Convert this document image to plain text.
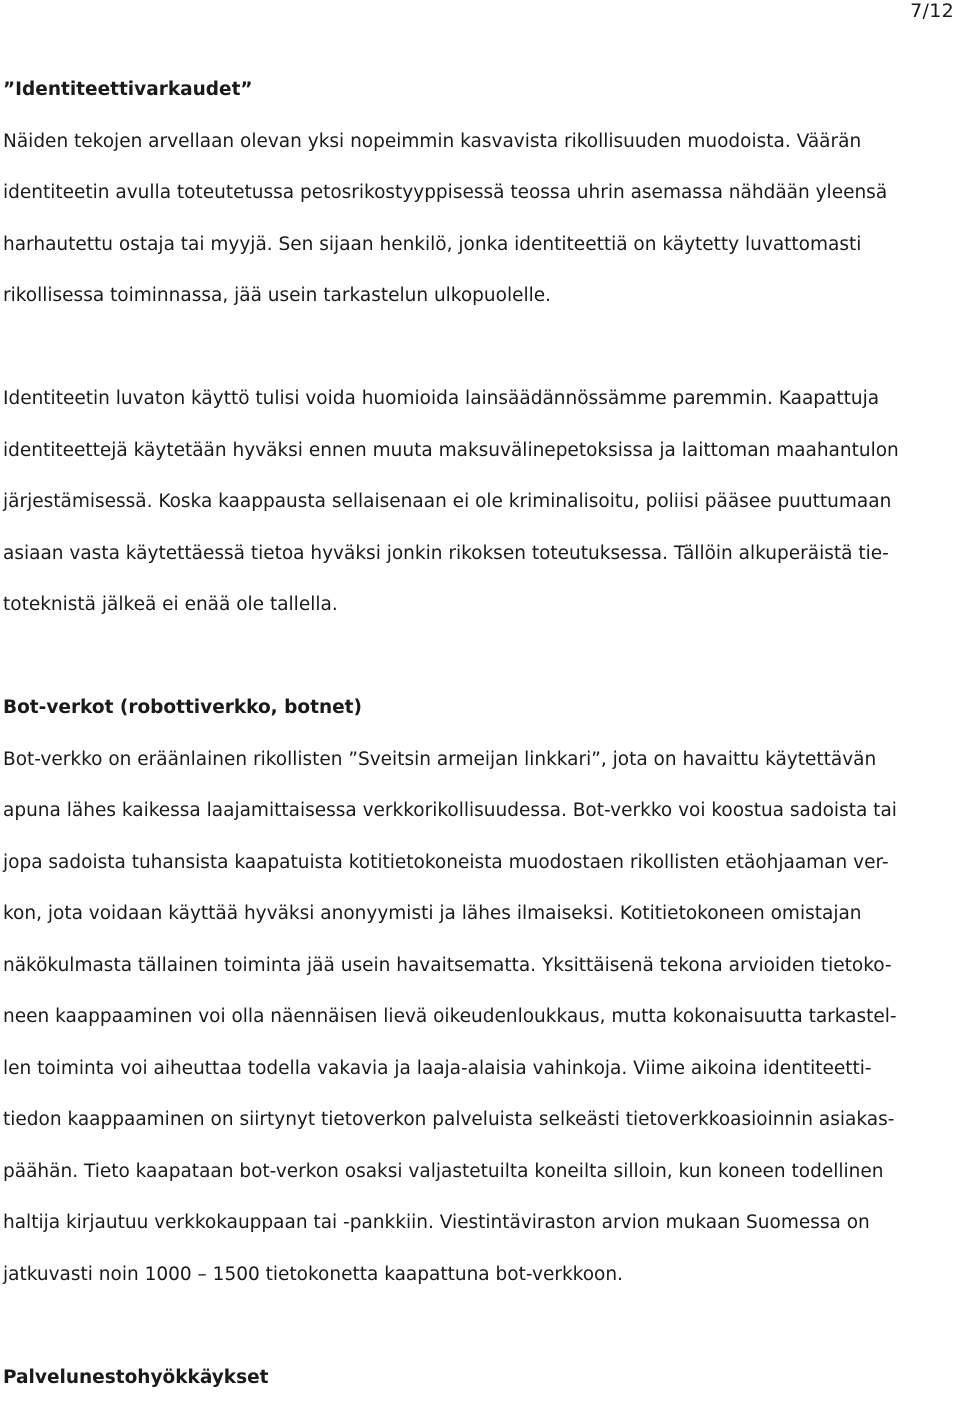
7/12
”Identiteettivarkaudet”
Näiden tekojen arvellaan olevan yksi nopeimmin kasvavista rikollisuuden muodoista. Väärän
identiteetin avulla toteutetussa petosrikostyyppisessä teossa uhrin asemassa nähdään yleensä
harhautettu ostaja tai myyjä. Sen sijaan henkilö, jonka identiteettiä on käytetty luvattomasti
rikollisessa toiminnassa, jää usein tarkastelun ulkopuolelle.
Identiteetin luvaton käyttö tulisi voida huomioida lainsäädännössämme paremmin. Kaapattuja
identiteettejä käytetään hyväksi ennen muuta maksuvälinepetoksissa ja laittoman maahantulon
järjestämisessä. Koska kaappausta sellaisenaan ei ole kriminalisoitu, poliisi pääsee puuttumaan
asiaan vasta käytettäessä tietoa hyväksi jonkin rikoksen toteutuksessa. Tällöin alkuperäistä tie-
toteknistä jälkeä ei enää ole tallella.
Bot-verkot (robottiverkko, botnet)
Bot-verkko on eräänlainen rikollisten ”Sveitsin armeijan linkkari”, jota on havaittu käytettävän
apuna lähes kaikessa laajamittaisessa verkkorikollisuudessa. Bot-verkko voi koostua sadoista tai
jopa sadoista tuhansista kaapatuista kotitietokoneista muodostaen rikollisten etäohjaaman ver-
kon, jota voidaan käyttää hyväksi anonyymisti ja lähes ilmaiseksi. Kotitietokoneen omistajan
näkökulmasta tällainen toiminta jää usein havaitsematta. Yksittäisenä tekona arvioiden tietoko-
neen kaappaaminen voi olla näennäisen lievä oikeudenloukkaus, mutta kokonaisuutta tarkastel-
len toiminta voi aiheuttaa todella vakavia ja laaja-alaisia vahinkoja. Viime aikoina identiteetti-
tiedon kaappaaminen on siirtynyt tietoverkon palveluista selkeästi tietoverkkoasioinnin asiakas-
päähän. Tieto kaapataan bot-verkon osaksi valjastetuilta koneilta silloin, kun koneen todellinen
haltija kirjautuu verkkokauppaan tai -pankkiin. Viestintäviraston arvion mukaan Suomessa on
jatkuvasti noin 1000 – 1500 tietokonetta kaapattuna bot-verkkoon.
Palvelunestohyökkäykset
